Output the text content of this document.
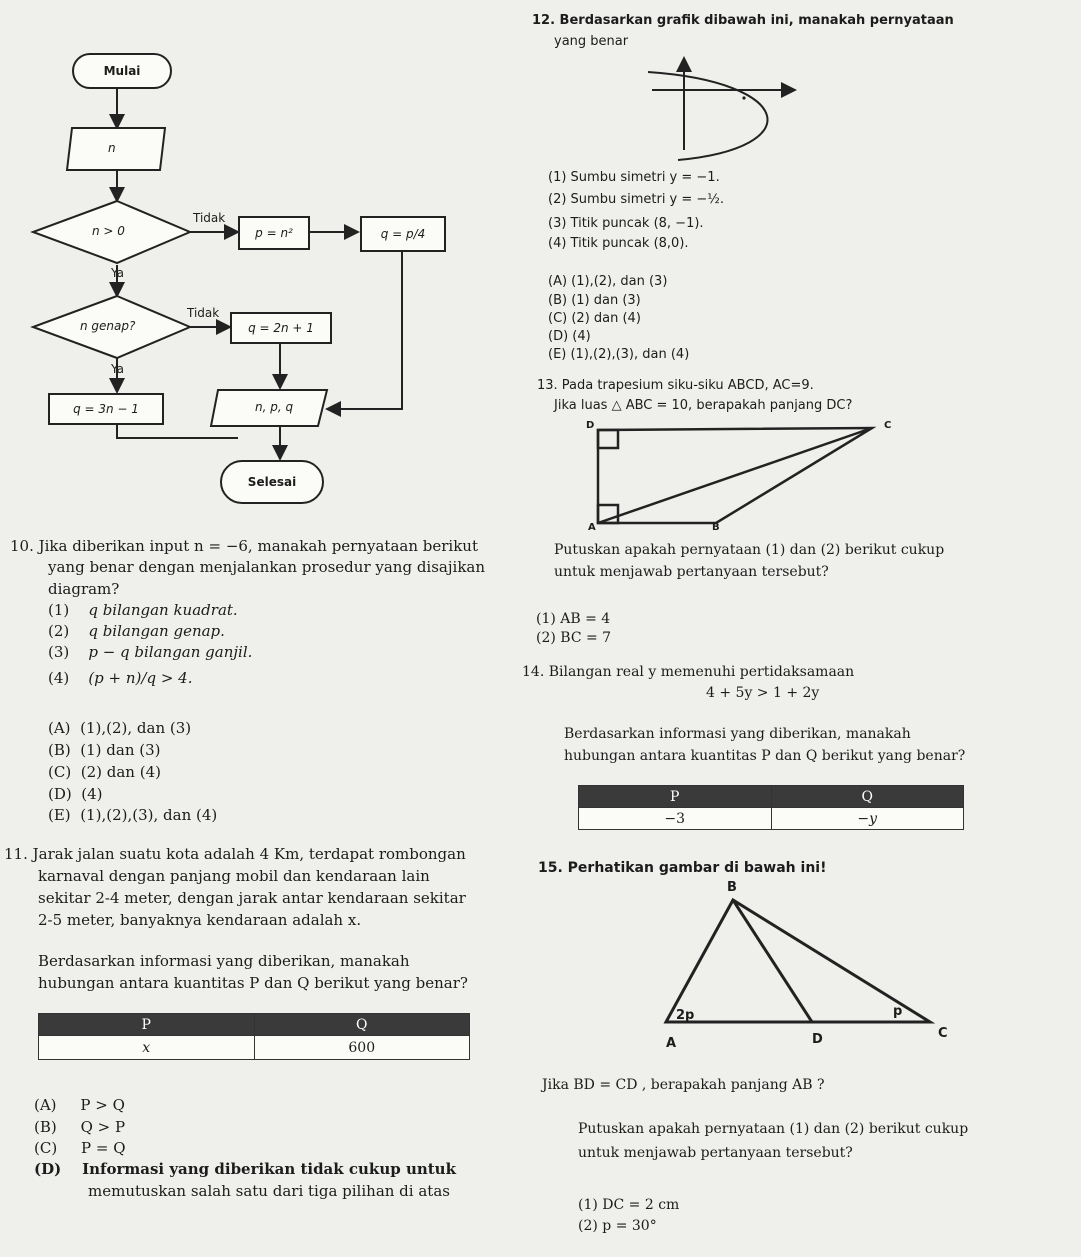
Mulai
n
n > 0
Tidak
p = n²	q = p/4
Ya
n genap?
Tidak
q = 2n + 1
Ya
q = 3n − 1	n, p, q
Selesai
10. Jika diberikan input n = −6, manakah pernyataan berikut
yang benar dengan menjalankan prosedur yang disajikan
diagram?
(1) q bilangan kuadrat.
(2) q bilangan genap.
(3) p − q bilangan ganjil.
(4) (p + n)/q > 4.
(A) (1),(2), dan (3)
(B) (1) dan (3)
(C) (2) dan (4)
(D) (4)
(E) (1),(2),(3), dan (4)
11. Jarak jalan suatu kota adalah 4 Km, terdapat rombongan
karnaval dengan panjang mobil dan kendaraan lain
sekitar 2-4 meter, dengan jarak antar kendaraan sekitar
2-5 meter, banyaknya kendaraan adalah x.
Berdasarkan informasi yang diberikan, manakah
hubungan antara kuantitas P dan Q berikut yang benar?
P	Q
x	600
(A) P > Q
(B) Q > P
(C) P = Q
(D) Informasi yang diberikan tidak cukup untuk
memutuskan salah satu dari tiga pilihan di atas
12. Berdasarkan grafik dibawah ini, manakah pernyataan
yang benar
(1) Sumbu simetri y = −1.
(2) Sumbu simetri y = −½.
(3) Titik puncak (8, −1).
(4) Titik puncak (8,0).
(A) (1),(2), dan (3)
(B) (1) dan (3)
(C) (2) dan (4)
(D) (4)
(E) (1),(2),(3), dan (4)
13. Pada trapesium siku-siku ABCD, AC=9.
Jika luas △ ABC = 10, berapakah panjang DC?
D	C
A	B
Putuskan apakah pernyataan (1) dan (2) berikut cukup
untuk menjawab pertanyaan tersebut?
(1) AB = 4
(2) BC = 7
14. Bilangan real y memenuhi pertidaksamaan
4 + 5y > 1 + 2y
Berdasarkan informasi yang diberikan, manakah
hubungan antara kuantitas P dan Q berikut yang benar?
P	Q
−3	−y
15. Perhatikan gambar di bawah ini!
B
A	D	C
2p	p
Jika BD = CD , berapakah panjang AB ?
Putuskan apakah pernyataan (1) dan (2) berikut cukup
untuk menjawab pertanyaan tersebut?
(1) DC = 2 cm
(2) p = 30°
